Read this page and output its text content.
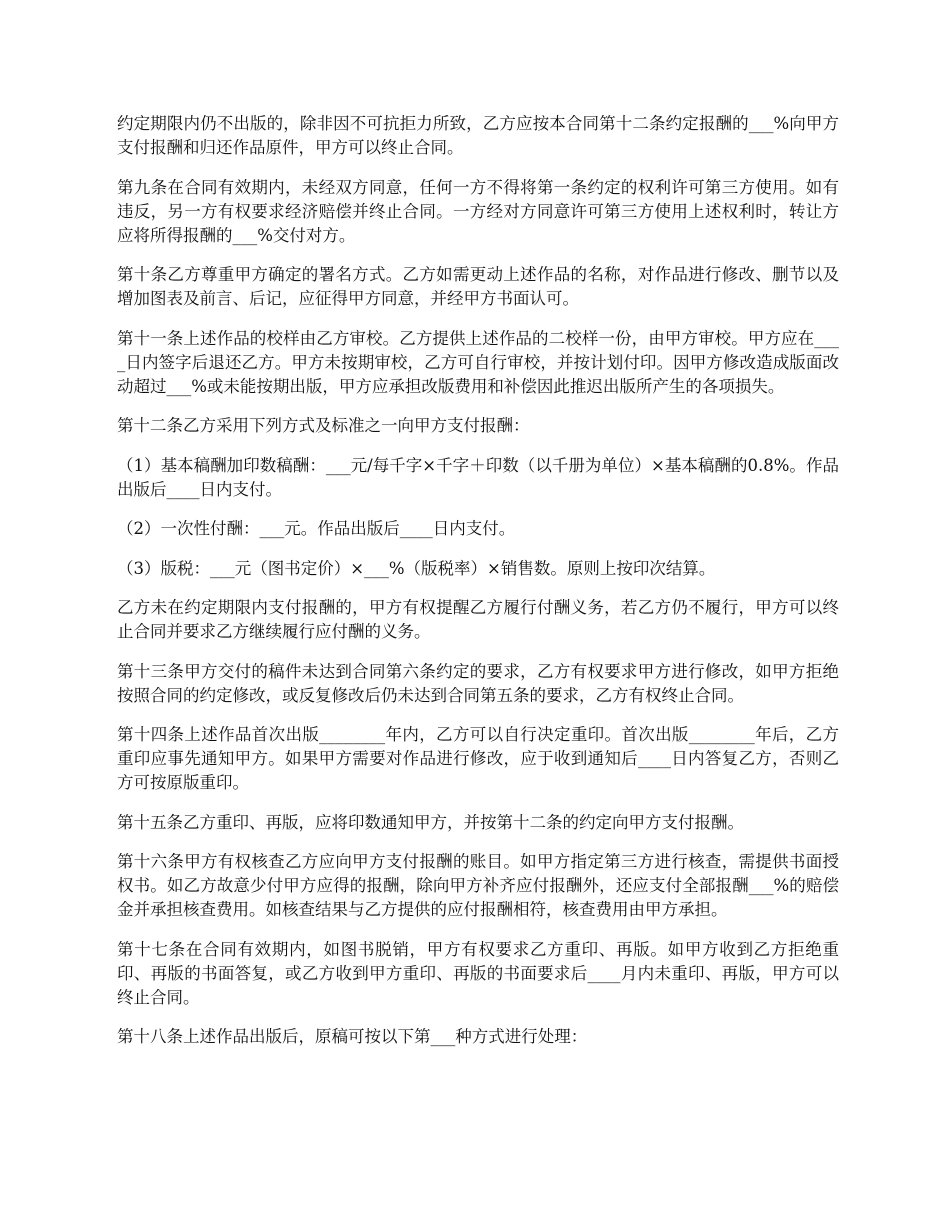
约定期限内仍不出版的，除非因不可抗拒力所致，乙方应按本合同第十二条约定报酬的___%向甲方支付报酬和归还作品原件，甲方可以终止合同。

第九条在合同有效期内，未经双方同意，任何一方不得将第一条约定的权利许可第三方使用。如有违反，另一方有权要求经济赔偿并终止合同。一方经对方同意许可第三方使用上述权利时，转让方应将所得报酬的___%交付对方。

第十条乙方尊重甲方确定的署名方式。乙方如需更动上述作品的名称，对作品进行修改、删节以及增加图表及前言、后记，应征得甲方同意，并经甲方书面认可。

第十一条上述作品的校样由乙方审校。乙方提供上述作品的二校样一份，由甲方审校。甲方应在____日内签字后退还乙方。甲方未按期审校，乙方可自行审校，并按计划付印。因甲方修改造成版面改动超过___%或未能按期出版，甲方应承担改版费用和补偿因此推迟出版所产生的各项损失。

第十二条乙方采用下列方式及标准之一向甲方支付报酬：

（1）基本稿酬加印数稿酬：___元/每千字×千字＋印数（以千册为单位）×基本稿酬的0.8%。作品出版后____日内支付。

（2）一次性付酬：___元。作品出版后____日内支付。

（3）版税：___元（图书定价）×___%（版税率）×销售数。原则上按印次结算。

乙方未在约定期限内支付报酬的，甲方有权提醒乙方履行付酬义务，若乙方仍不履行，甲方可以终止合同并要求乙方继续履行应付酬的义务。

第十三条甲方交付的稿件未达到合同第六条约定的要求，乙方有权要求甲方进行修改，如甲方拒绝按照合同的约定修改，或反复修改后仍未达到合同第五条的要求，乙方有权终止合同。

第十四条上述作品首次出版________年内，乙方可以自行决定重印。首次出版________年后，乙方重印应事先通知甲方。如果甲方需要对作品进行修改，应于收到通知后____日内答复乙方，否则乙方可按原版重印。

第十五条乙方重印、再版，应将印数通知甲方，并按第十二条的约定向甲方支付报酬。

第十六条甲方有权核查乙方应向甲方支付报酬的账目。如甲方指定第三方进行核查，需提供书面授权书。如乙方故意少付甲方应得的报酬，除向甲方补齐应付报酬外，还应支付全部报酬___%的赔偿金并承担核查费用。如核查结果与乙方提供的应付报酬相符，核查费用由甲方承担。

第十七条在合同有效期内，如图书脱销，甲方有权要求乙方重印、再版。如甲方收到乙方拒绝重印、再版的书面答复，或乙方收到甲方重印、再版的书面要求后____月内未重印、再版，甲方可以终止合同。

第十八条上述作品出版后，原稿可按以下第___种方式进行处理：
